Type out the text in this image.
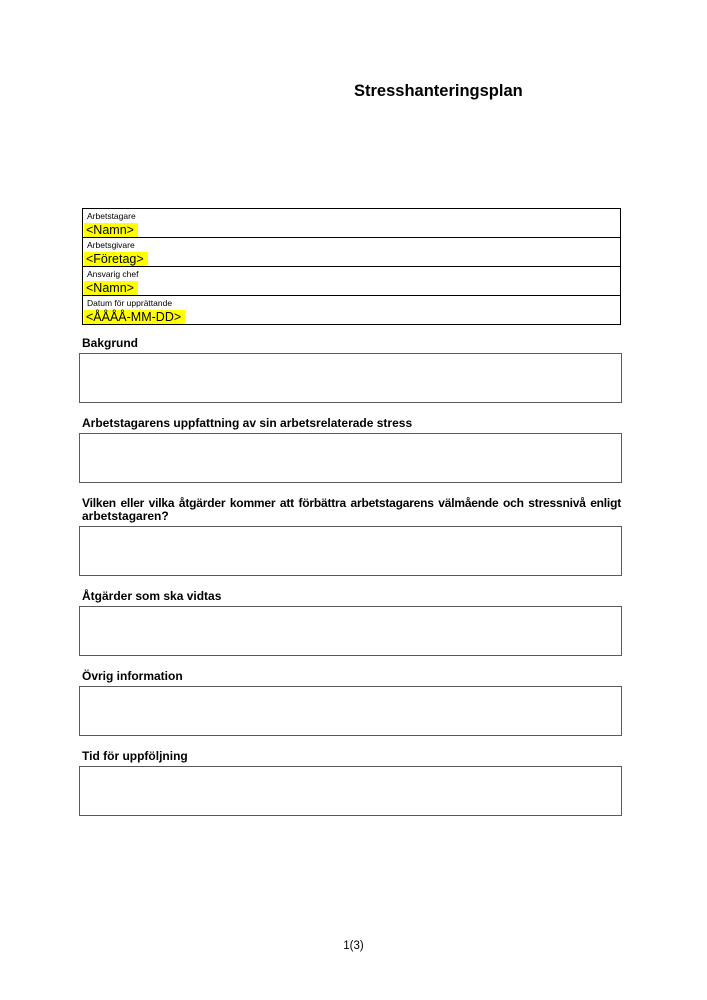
Stresshanteringsplan
Arbetstagare
<Namn>
Arbetsgivare
<Företag>
Ansvarig chef
<Namn>
Datum för upprättande
<ÅÅÅÅ-MM-DD>
Bakgrund
Arbetstagarens uppfattning av sin arbetsrelaterade stress
Vilken eller vilka åtgärder kommer att förbättra arbetstagarens välmående och stressnivå enligt
arbetstagaren?
Åtgärder som ska vidtas
Övrig information
Tid för uppföljning
1(3)
